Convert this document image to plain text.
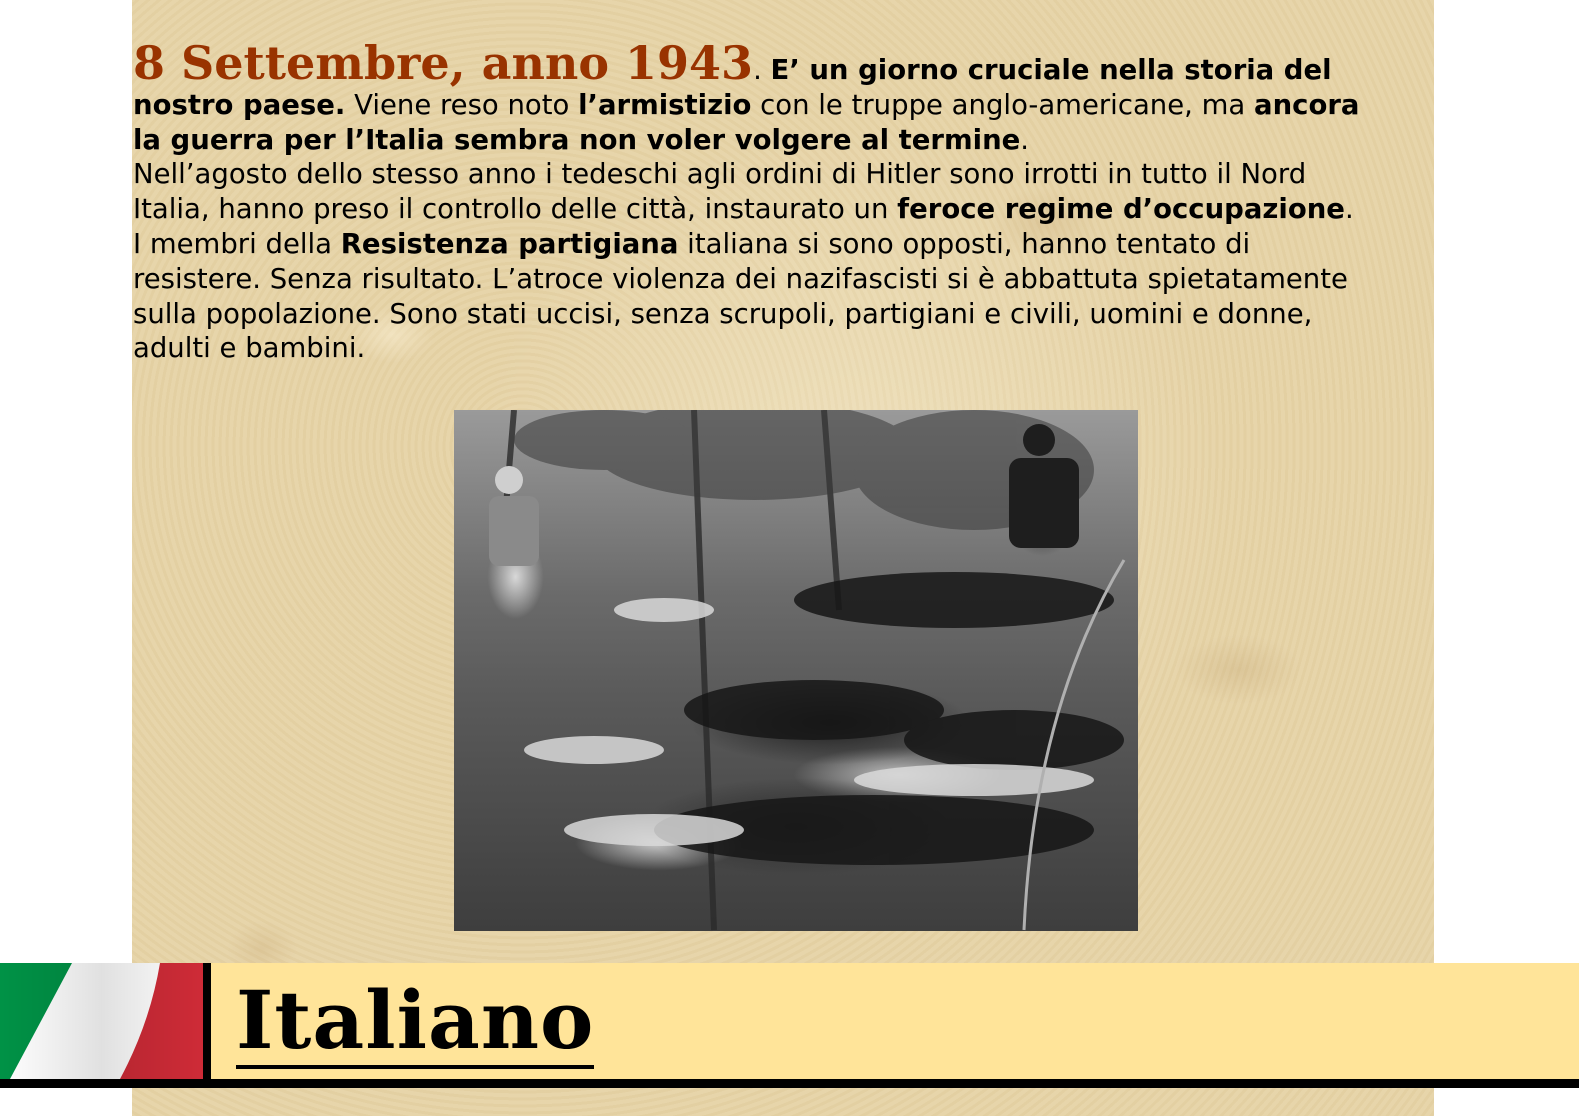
8 Settembre, anno 1943. E’ un giorno cruciale nella storia del nostro paese. Viene reso noto l’armistizio con le truppe anglo-americane, ma ancora la guerra per l’Italia sembra non voler volgere al termine.
Nell’agosto dello stesso anno i tedeschi agli ordini di Hitler sono irrotti in tutto il Nord Italia, hanno preso il controllo delle città, instaurato un feroce regime d’occupazione. I membri della Resistenza partigiana italiana si sono opposti, hanno tentato di resistere. Senza risultato. L’atroce violenza dei nazifascisti si è abbattuta spietatamente sulla popolazione. Sono stati uccisi, senza scrupoli, partigiani e civili, uomini e donne, adulti e bambini.
Italiano
